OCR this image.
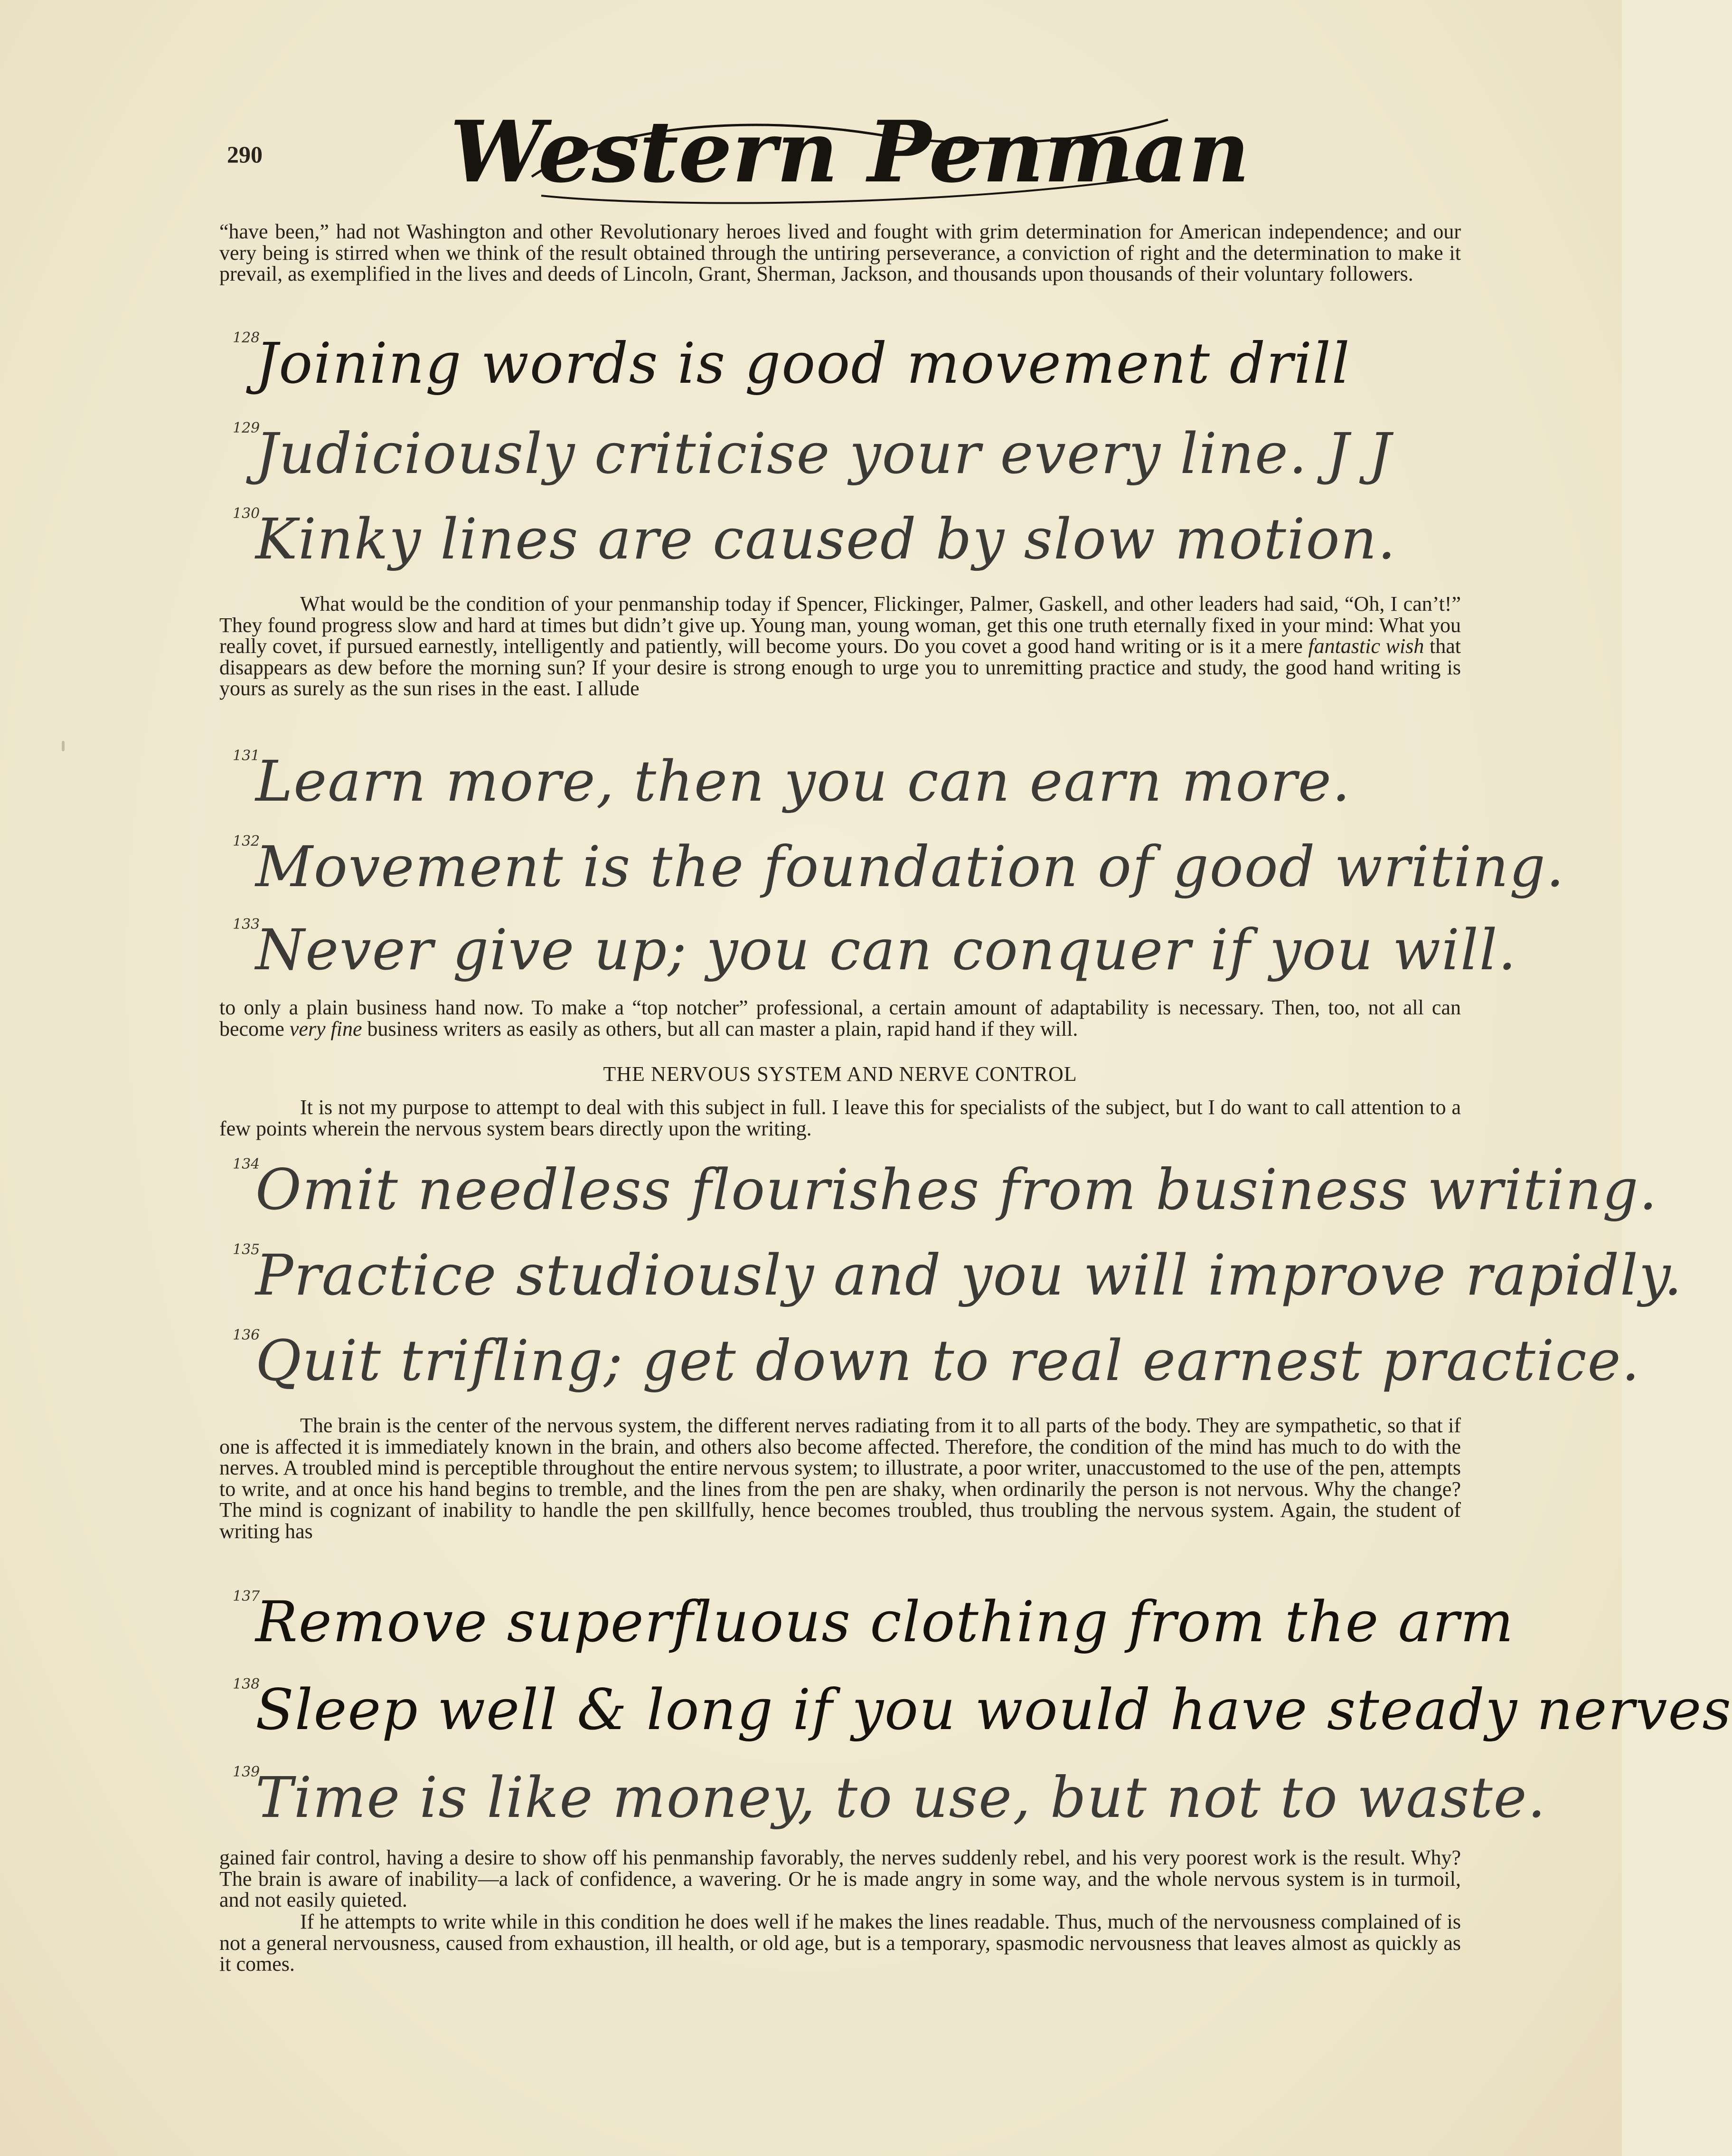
290 Western Penman

“have been,” had not Washington and other Revolutionary heroes lived and fought with grim determination for American independence; and our very being is stirred when we think of the result obtained through the untiring perseverance, a conviction of right and the determination to make it prevail, as exemplified in the lives and deeds of Lincoln, Grant, Sherman, Jackson, and thousands upon thousands of their voluntary followers.

128
Joining words is good movement drill
129
Judiciously criticise your every line. J J
130
Kinky lines are caused by slow motion.

What would be the condition of your penmanship today if Spencer, Flickinger, Palmer, Gaskell, and other leaders had said, “Oh, I can’t!” They found progress slow and hard at times but didn’t give up. Young man, young woman, get this one truth eternally fixed in your mind: What you really covet, if pursued earnestly, intelligently and patiently, will become yours. Do you covet a good hand writing or is it a mere fantastic wish that disappears as dew before the morning sun? If your desire is strong enough to urge you to unremitting practice and study, the good hand writing is yours as surely as the sun rises in the east. I allude

131
Learn more, then you can earn more.
132
Movement is the foundation of good writing.
133
Never give up; you can conquer if you will.

to only a plain business hand now. To make a “top notcher” professional, a certain amount of adaptability is necessary. Then, too, not all can become very fine business writers as easily as others, but all can master a plain, rapid hand if they will.

THE NERVOUS SYSTEM AND NERVE CONTROL

It is not my purpose to attempt to deal with this subject in full. I leave this for specialists of the subject, but I do want to call attention to a few points wherein the nervous system bears directly upon the writing.

134
Omit needless flourishes from business writing.
135
Practice studiously and you will improve rapidly.
136
Quit trifling; get down to real earnest practice.

The brain is the center of the nervous system, the different nerves radiating from it to all parts of the body. They are sympathetic, so that if one is affected it is immediately known in the brain, and others also become affected. Therefore, the condition of the mind has much to do with the nerves. A troubled mind is perceptible throughout the entire nervous system; to illustrate, a poor writer, unaccustomed to the use of the pen, attempts to write, and at once his hand begins to tremble, and the lines from the pen are shaky, when ordinarily the person is not nervous. Why the change? The mind is cognizant of inability to handle the pen skillfully, hence becomes troubled, thus troubling the nervous system. Again, the student of writing has

137
Remove superfluous clothing from the arm
138
Sleep well & long if you would have steady nerves
139
Time is like money, to use, but not to waste.

gained fair control, having a desire to show off his penmanship favorably, the nerves suddenly rebel, and his very poorest work is the result. Why? The brain is aware of inability—a lack of confidence, a wavering. Or he is made angry in some way, and the whole nervous system is in turmoil, and not easily quieted.

If he attempts to write while in this condition he does well if he makes the lines readable. Thus, much of the nervousness complained of is not a general nervousness, caused from exhaustion, ill health, or old age, but is a temporary, spasmodic nervousness that leaves almost as quickly as it comes.
